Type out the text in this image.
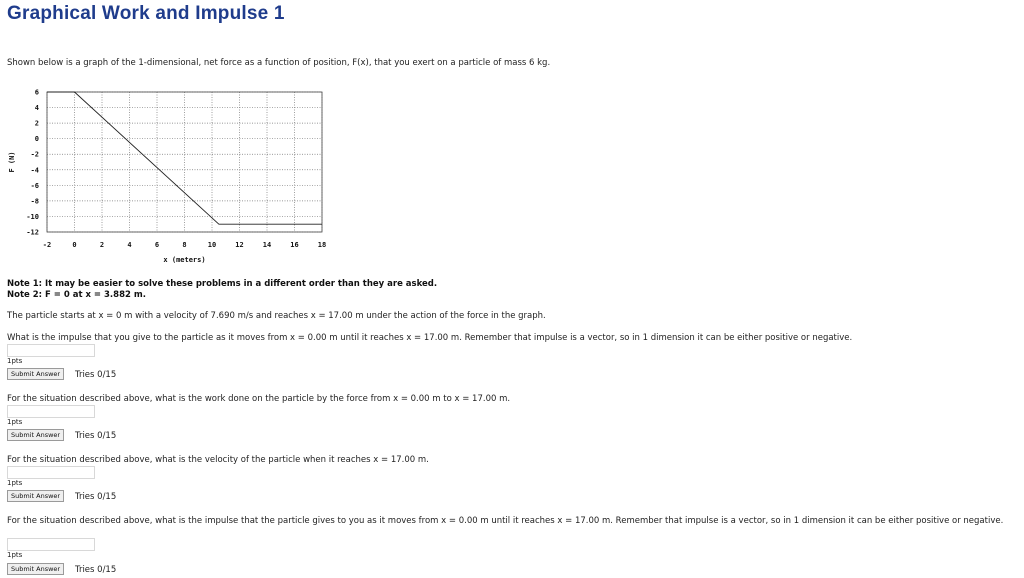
Graphical Work and Impulse 1
Shown below is a graph of the 1-dimensional, net force as a function of position, F(x), that you exert on a particle of mass 6 kg.
-2	0	2	4	6	8	10	12	14	16	18
6
4
2
0
-2
-4
-6
-8
-10
-12
x (meters)
F (N)
Note 1: It may be easier to solve these problems in a different order than they are asked.
Note 2: F = 0 at x = 3.882 m.
The particle starts at x = 0 m with a velocity of 7.690 m/s and reaches x = 17.00 m under the action of the force in the graph.
What is the impulse that you give to the particle as it moves from x = 0.00 m until it reaches x = 17.00 m. Remember that impulse is a vector, so in 1 dimension it can be either positive or negative.
1pts
Submit Answer	Tries 0/15
For the situation described above, what is the work done on the particle by the force from x = 0.00 m to x = 17.00 m.
1pts
Submit Answer	Tries 0/15
For the situation described above, what is the velocity of the particle when it reaches x = 17.00 m.
1pts
Submit Answer	Tries 0/15
For the situation described above, what is the impulse that the particle gives to you as it moves from x = 0.00 m until it reaches x = 17.00 m. Remember that impulse is a vector, so in 1 dimension it can be either positive or negative.
1pts
Submit Answer	Tries 0/15
